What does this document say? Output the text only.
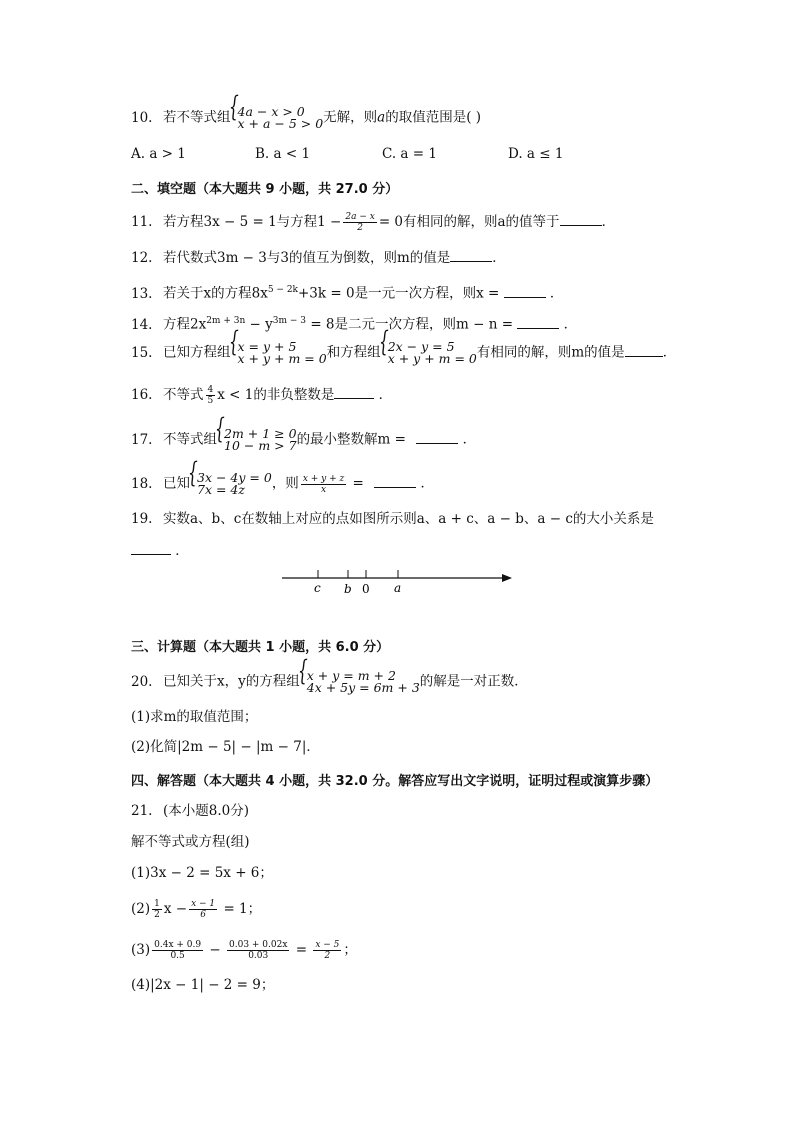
10. 若不等式组 { 4a − x > 0
x + a − 5 > 0 无解，则a的取值范围是( )
A. a > 1	B. a < 1	C. a = 1	D. a ≤ 1
二、填空题（本大题共 9 小题，共 27.0 分）
11. 若方程3x − 5 = 1与方程$1 - \frac{2a - x}{2} = 0$有相同的解，则a的值等于	．
12. 若代数式3m − 3与3的值互为倒数，则m的值是	．
13. 若关于x的方程$8x^{5 - 2k}+3k = 0$是一元一次方程，则x =	．
14. 方程$2x^{2m + 3n} - y^{3m - 3} = 8$是二元一次方程，则m − n =	．
15. 已知方程组 { x = y + 5
x + y + m = 0 和方程组 { 2x − y = 5
x + y + m = 0 有相同的解，则m的值是	．
16. 不等式 $\frac{4}{5}$ x < 1的非负整数是	．
17. 不等式组 { 2m + 1 ≥ 0
10 − m > 7 的最小整数解m =	．
18. 已知 { 3x − 4y = 0
7x = 4z	，则 $\frac{x + y + z}{x}$ =	．
19. 实数a、b、c在数轴上对应的点如图所示则a、a + c、a − b、a − c的大小关系是
．
c b 0 a
三、计算题（本大题共 1 小题，共 6.0 分）
20. 已知关于x，y的方程组 { x + y = m + 2
4x + 5y = 6m + 3 的解是一对正数．
(1)求m的取值范围；
(2)化简|2m − 5| − |m − 7|．
四、解答题（本大题共 4 小题，共 32.0 分。解答应写出文字说明，证明过程或演算步骤）
21. (本小题8.0分)
解不等式或方程(组)
(1)3x − 2 = 5x + 6；
$(2) \frac{1}{2}$ $x - \frac{x - 1}{6} = 1$；
$(3) \frac{0.4x + 0.9}{0.5} - \frac{0.03 + 0.02x}{0.03} = \frac{x - 5}{2}$ ；
(4)|2x − 1| − 2 = 9；
